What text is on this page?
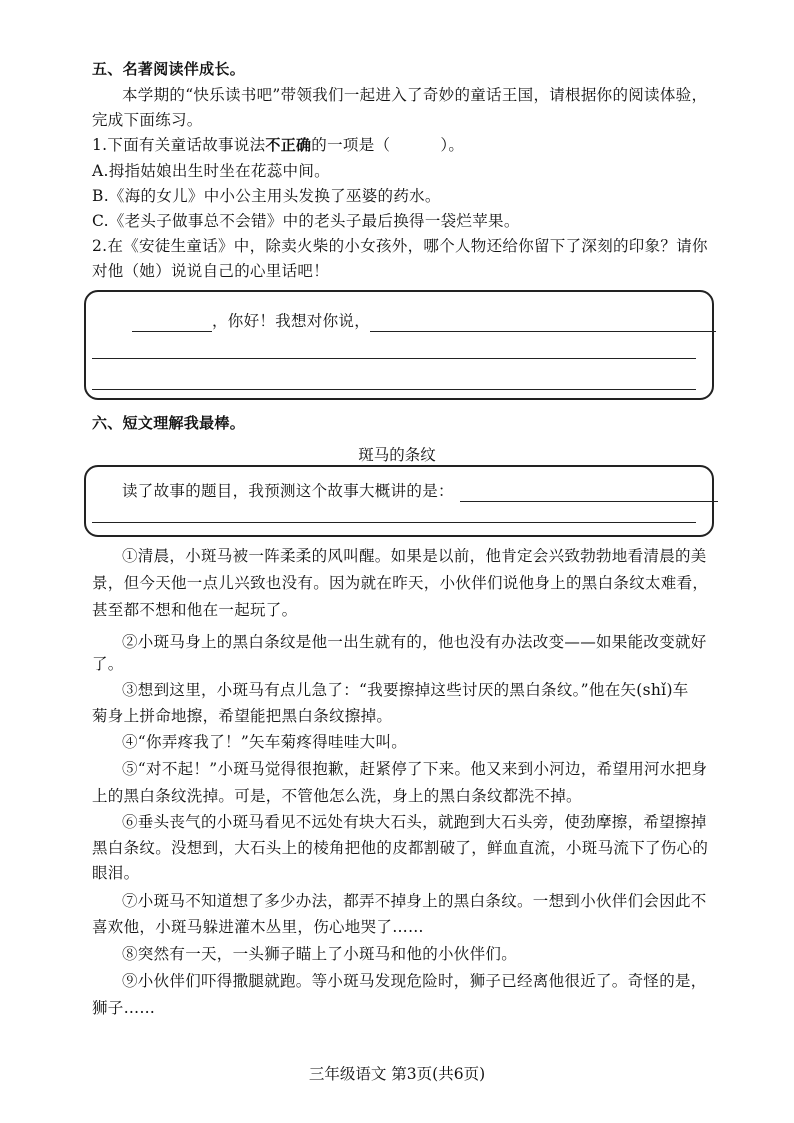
五、名著阅读伴成长。
本学期的“快乐读书吧”带领我们一起进入了奇妙的童话王国，请根据你的阅读体验，
完成下面练习。
1.下面有关童话故事说法不正确的一项是（	）。
A.拇指姑娘出生时坐在花蕊中间。
B.《海的女儿》中小公主用头发换了巫婆的药水。
C.《老头子做事总不会错》中的老头子最后换得一袋烂苹果。
2.在《安徒生童话》中，除卖火柴的小女孩外，哪个人物还给你留下了深刻的印象？请你
对他（她）说说自己的心里话吧！
，你好！我想对你说，
六、短文理解我最棒。
斑马的条纹
读了故事的题目，我预测这个故事大概讲的是：
①清晨，小斑马被一阵柔柔的风叫醒。如果是以前，他肯定会兴致勃勃地看清晨的美
景，但今天他一点儿兴致也没有。因为就在昨天，小伙伴们说他身上的黑白条纹太难看，
甚至都不想和他在一起玩了。
②小斑马身上的黑白条纹是他一出生就有的，他也没有办法改变——如果能改变就好
了。
③想到这里，小斑马有点儿急了：“我要擦掉这些讨厌的黑白条纹。”他在矢(shǐ)车
菊身上拼命地擦，希望能把黑白条纹擦掉。
④“你弄疼我了！”矢车菊疼得哇哇大叫。
⑤“对不起！”小斑马觉得很抱歉，赶紧停了下来。他又来到小河边，希望用河水把身
上的黑白条纹洗掉。可是，不管他怎么洗，身上的黑白条纹都洗不掉。
⑥垂头丧气的小斑马看见不远处有块大石头，就跑到大石头旁，使劲摩擦，希望擦掉
黑白条纹。没想到，大石头上的棱角把他的皮都割破了，鲜血直流，小斑马流下了伤心的
眼泪。
⑦小斑马不知道想了多少办法，都弄不掉身上的黑白条纹。一想到小伙伴们会因此不
喜欢他，小斑马躲进灌木丛里，伤心地哭了……
⑧突然有一天，一头狮子瞄上了小斑马和他的小伙伴们。
⑨小伙伴们吓得撒腿就跑。等小斑马发现危险时，狮子已经离他很近了。奇怪的是，
狮子……
三年级语文 第3页(共6页)
